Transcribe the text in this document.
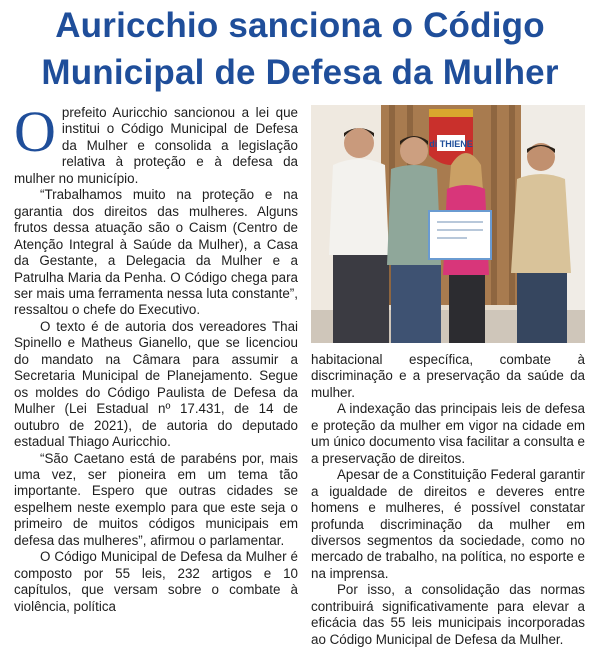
Auricchio sanciona o Código
Municipal de Defesa da Mulher

Oprefeito Auricchio sancionou a lei que institui o Código Municipal de Defesa da Mulher e consolida a legislação relativa à proteção e à defesa da mulher no município.

“Trabalhamos muito na proteção e na garantia dos direitos das mulheres. Alguns frutos dessa atuação são o Caism (Centro de Atenção Integral à Saúde da Mulher), a Casa da Gestante, a Delegacia da Mulher e a Patrulha Maria da Penha. O Código chega para ser mais uma ferramenta nessa luta constante”, ressaltou o chefe do Executivo.

O texto é de autoria dos vereadores Thai Spinello e Matheus Gianello, que se licenciou do mandato na Câmara para assumir a Secretaria Municipal de Planejamento. Segue os moldes do Código Paulista de Defesa da Mulher (Lei Estadual nº 17.431, de 14 de outubro de 2021), de autoria do deputado estadual Thiago Auricchio.

“São Caetano está de parabéns por, mais uma vez, ser pioneira em um tema tão importante. Espero que outras cidades se espelhem neste exemplo para que este seja o primeiro de muitos códigos municipais em defesa das mulheres”, afirmou o parlamentar.

O Código Municipal de Defesa da Mulher é composto por 55 leis, 232 artigos e 10 capítulos, que versam sobre o combate à violência, política

di THIENE

habitacional específica, combate à discriminação e a preservação da saúde da mulher.

A indexação das principais leis de defesa e proteção da mulher em vigor na cidade em um único documento visa facilitar a consulta e a preservação de direitos.

Apesar de a Constituição Federal garantir a igualdade de direitos e deveres entre homens e mulheres, é possível constatar profunda discriminação da mulher em diversos segmentos da sociedade, como no mercado de trabalho, na política, no esporte e na imprensa.

Por isso, a consolidação das normas contribuirá significativamente para elevar a eficácia das 55 leis municipais incorporadas ao Código Municipal de Defesa da Mulher.
